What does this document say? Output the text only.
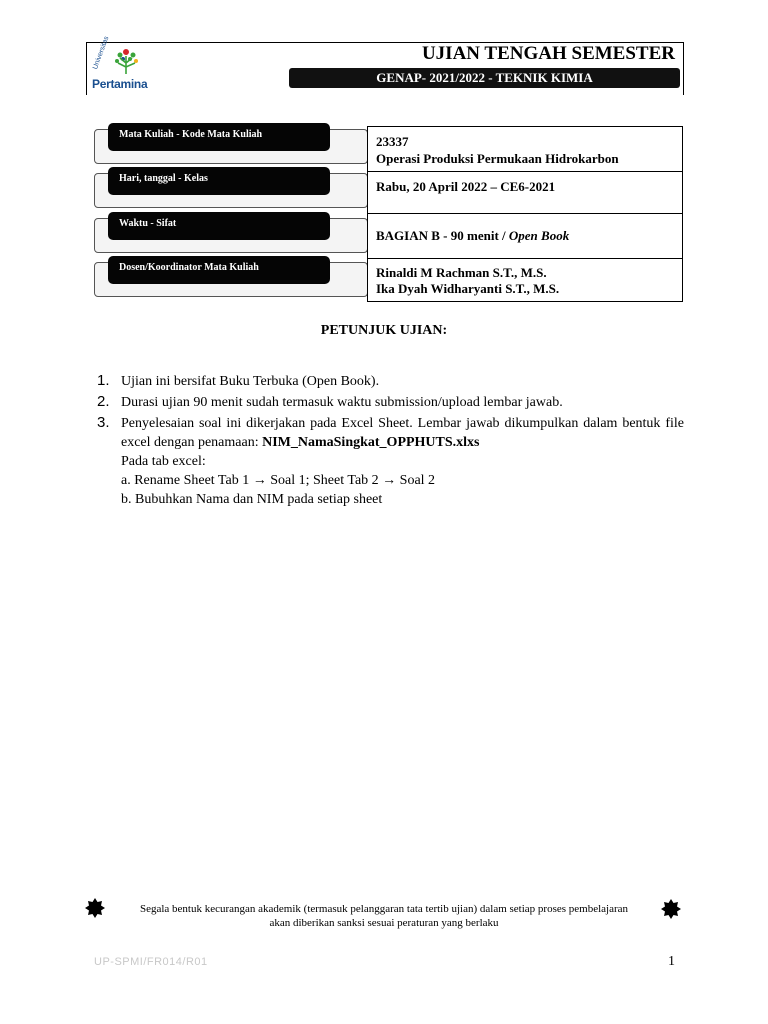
Pertamina
Universitas	UJIAN TENGAH SEMESTER
GENAP- 2021/2022 - TEKNIK KIMIA
Mata Kuliah - Kode Mata Kuliah
Hari, tanggal - Kelas
Waktu - Sifat
Dosen/Koordinator Mata Kuliah
23337
Operasi Produksi Permukaan Hidrokarbon
Rabu, 20 April 2022 – CE6-2021
BAGIAN B - 90 menit / Open Book
Rinaldi M Rachman S.T., M.S.
Ika Dyah Widharyanti S.T., M.S.
PETUNJUK UJIAN:
1. Ujian ini bersifat Buku Terbuka (Open Book).
2. Durasi ujian 90 menit sudah termasuk waktu submission/upload lembar jawab.
3. Penyelesaian soal ini dikerjakan pada Excel Sheet. Lembar jawab dikumpulkan dalam bentuk file excel dengan penamaan: NIM_NamaSingkat_OPPHUTS.xlxs
Pada tab excel:
a. Rename Sheet Tab 1 → Soal 1; Sheet Tab 2 → Soal 2
b. Bubuhkan Nama dan NIM pada setiap sheet
Segala bentuk kecurangan akademik (termasuk pelanggaran tata tertib ujian) dalam setiap proses pembelajaran
akan diberikan sanksi sesuai peraturan yang berlaku
UP-SPMI/FR014/R01	1
